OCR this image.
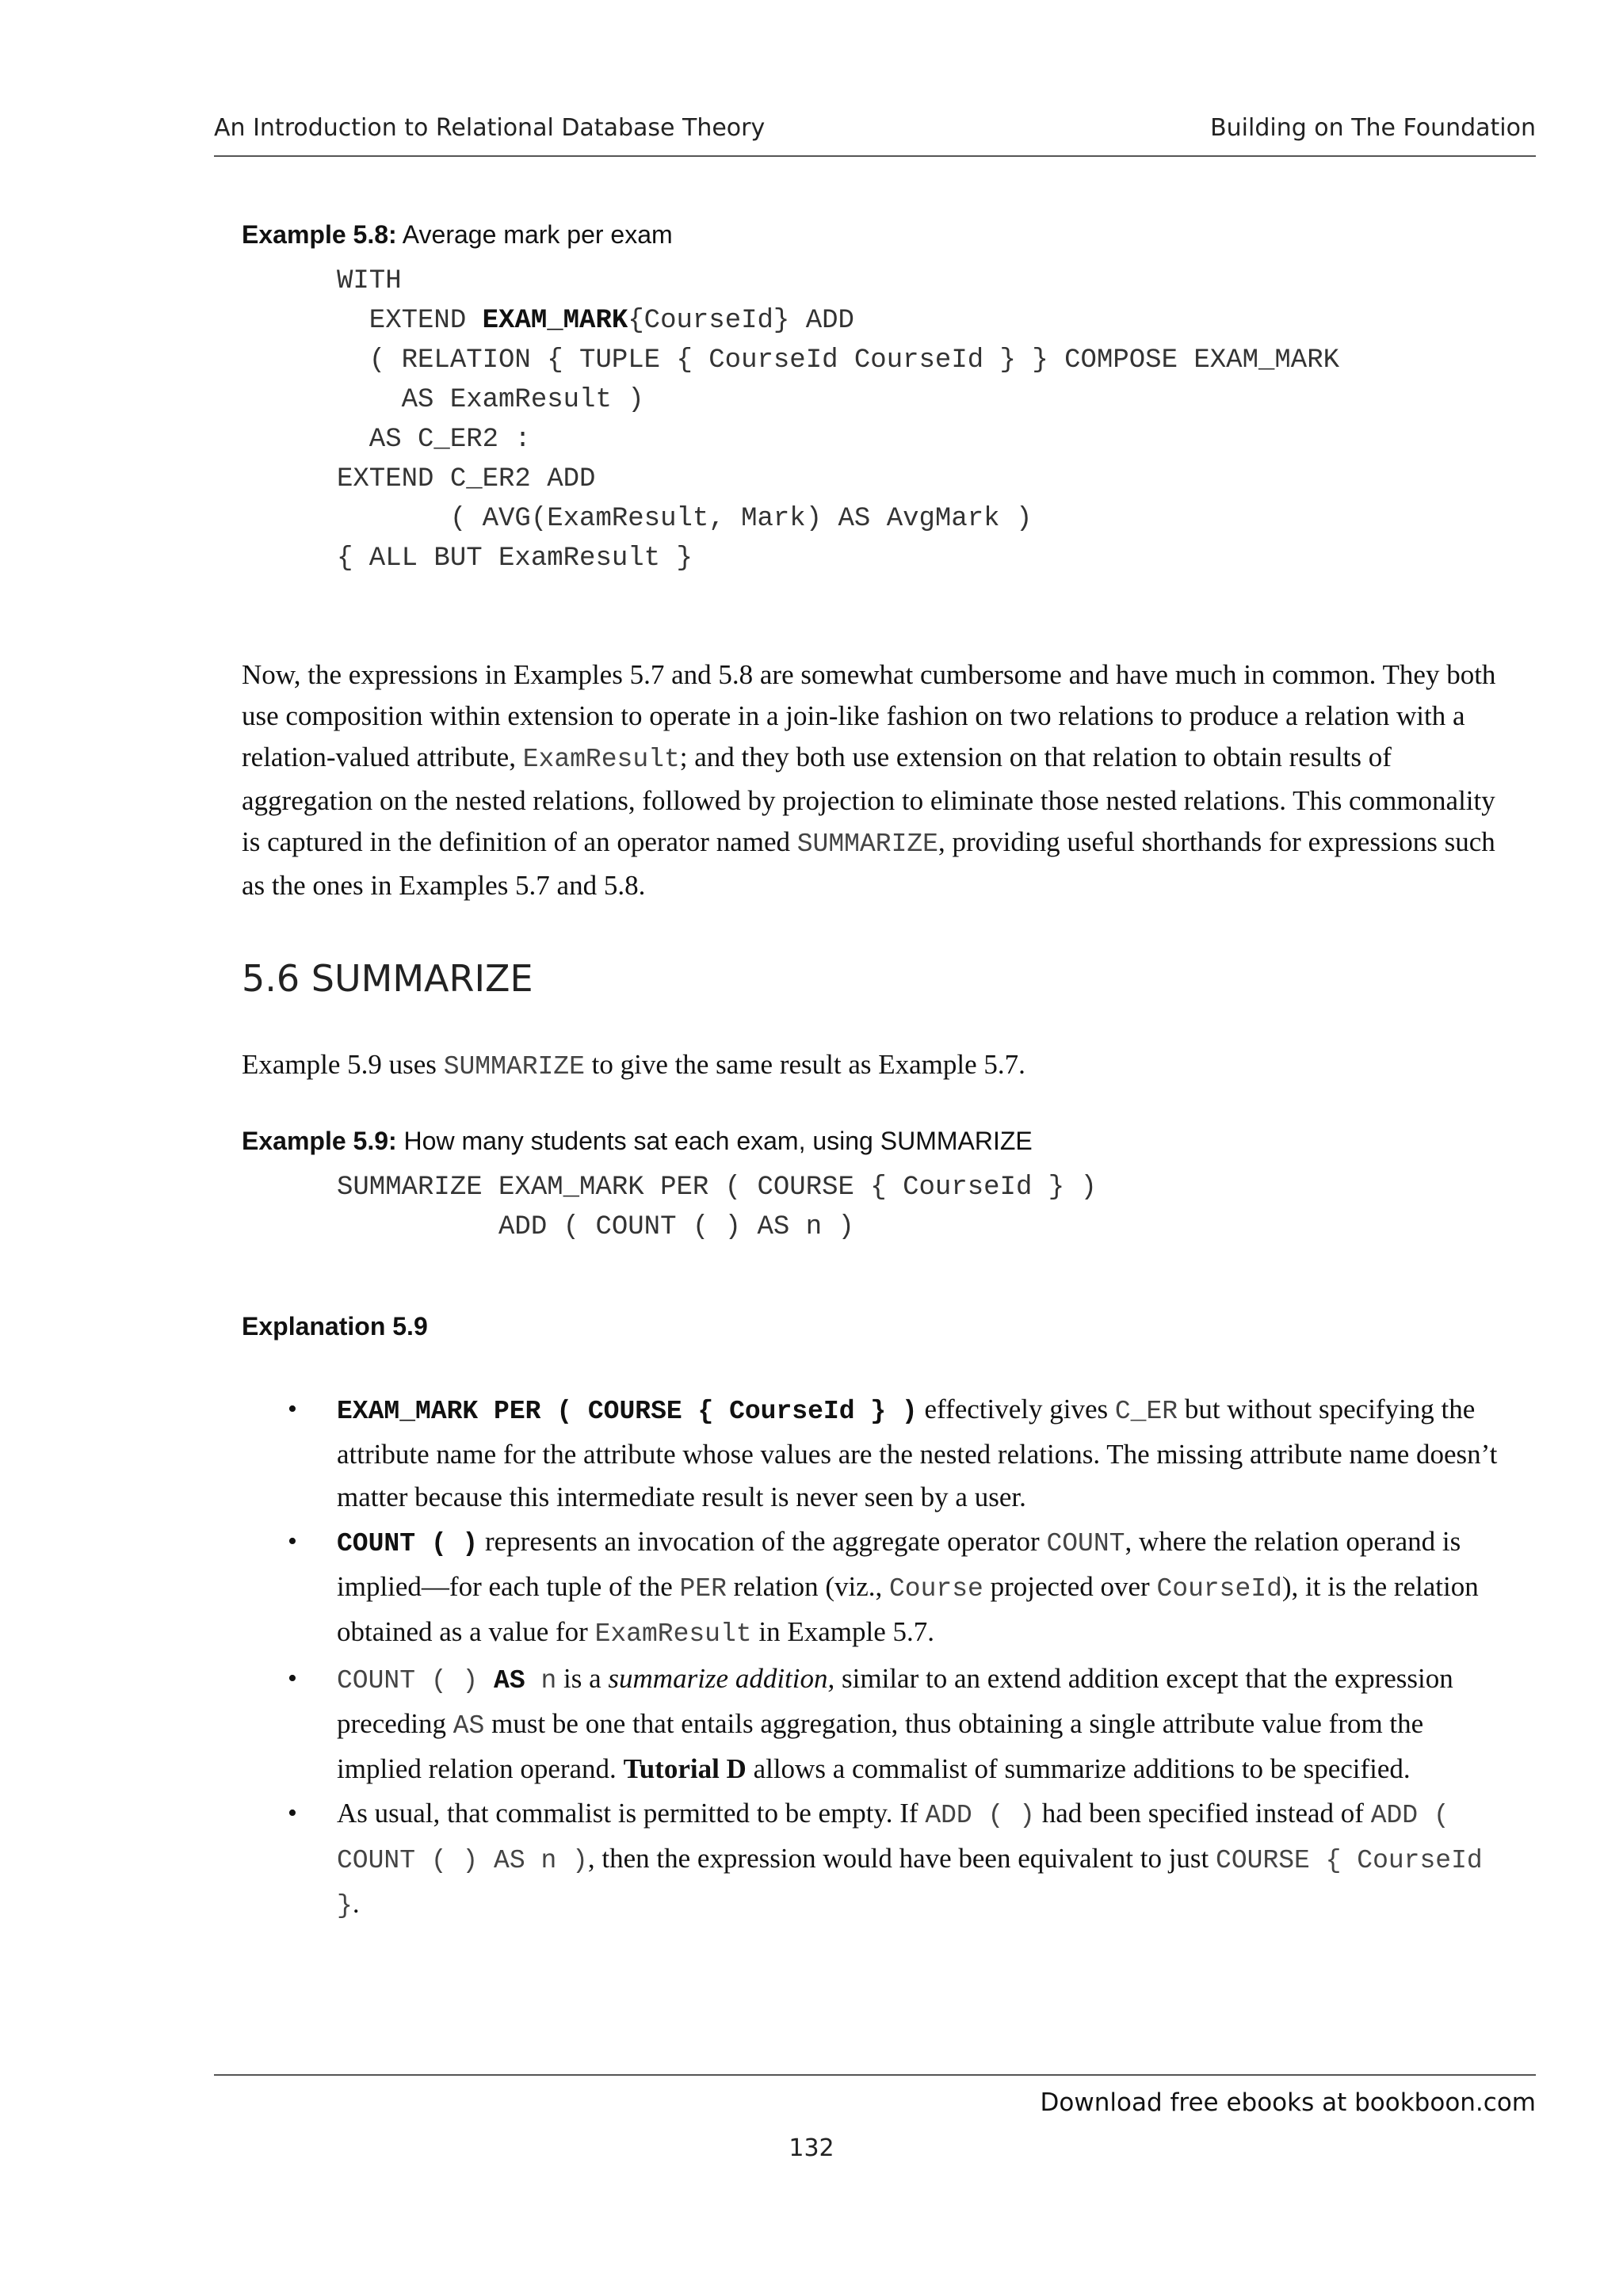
An Introduction to Relational Database Theory	Building on The Foundation
Example 5.8: Average mark per exam
WITH
EXTEND EXAM_MARK{CourseId} ADD
( RELATION { TUPLE { CourseId CourseId } } COMPOSE EXAM_MARK
AS ExamResult )
AS C_ER2 :
EXTEND C_ER2 ADD
( AVG(ExamResult, Mark) AS AvgMark )
{ ALL BUT ExamResult }

Now, the expressions in Examples 5.7 and 5.8 are somewhat cumbersome and have much in common. They both use composition within extension to operate in a join-like fashion on two relations to produce a relation with a relation-valued attribute, ExamResult; and they both use extension on that relation to obtain results of aggregation on the nested relations, followed by projection to eliminate those nested relations. This commonality is captured in the definition of an operator named SUMMARIZE, providing useful shorthands for expressions such as the ones in Examples 5.7 and 5.8.

5.6 SUMMARIZE

Example 5.9 uses SUMMARIZE to give the same result as Example 5.7.

Example 5.9: How many students sat each exam, using SUMMARIZE
SUMMARIZE EXAM_MARK PER ( COURSE { CourseId } )
ADD ( COUNT ( ) AS n )
Explanation 5.9
• EXAM_MARK PER ( COURSE { CourseId } ) effectively gives C_ER but without specifying the attribute name for the attribute whose values are the nested relations. The missing attribute name doesn’t matter because this intermediate result is never seen by a user.
• COUNT ( ) represents an invocation of the aggregate operator COUNT, where the relation operand is implied—for each tuple of the PER relation (viz., Course projected over CourseId), it is the relation obtained as a value for ExamResult in Example 5.7.
• COUNT ( ) AS n is a summarize addition, similar to an extend addition except that the expression preceding AS must be one that entails aggregation, thus obtaining a single attribute value from the implied relation operand. Tutorial D allows a commalist of summarize additions to be specified.
• As usual, that commalist is permitted to be empty. If ADD ( ) had been specified instead of ADD ( COUNT ( ) AS n ), then the expression would have been equivalent to just COURSE { CourseId }.
Download free ebooks at bookboon.com
132
